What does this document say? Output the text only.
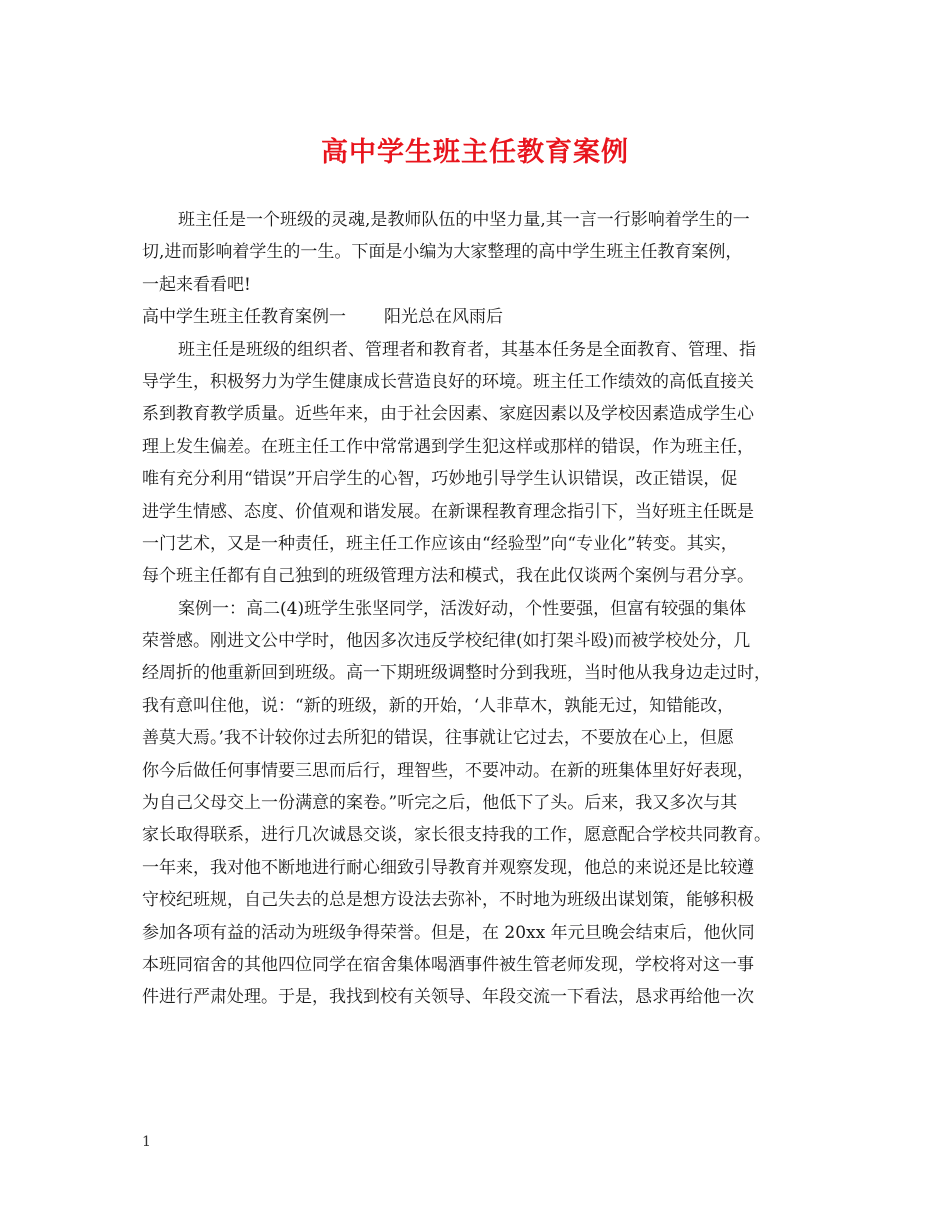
高中学生班主任教育案例
班主任是一个班级的灵魂,是教师队伍的中坚力量,其一言一行影响着学生的一
切,进而影响着学生的一生。下面是小编为大家整理的高中学生班主任教育案例，
一起来看看吧!
高中学生班主任教育案例一 阳光总在风雨后
班主任是班级的组织者、管理者和教育者，其基本任务是全面教育、管理、指
导学生，积极努力为学生健康成长营造良好的环境。班主任工作绩效的高低直接关
系到教育教学质量。近些年来，由于社会因素、家庭因素以及学校因素造成学生心
理上发生偏差。在班主任工作中常常遇到学生犯这样或那样的错误，作为班主任，
唯有充分利用“错误”开启学生的心智，巧妙地引导学生认识错误，改正错误，促
进学生情感、态度、价值观和谐发展。在新课程教育理念指引下，当好班主任既是
一门艺术，又是一种责任，班主任工作应该由“经验型”向“专业化”转变。其实，
每个班主任都有自己独到的班级管理方法和模式，我在此仅谈两个案例与君分享。
案例一：高二(4)班学生张坚同学，活泼好动，个性要强，但富有较强的集体
荣誉感。刚进文公中学时，他因多次违反学校纪律(如打架斗殴)而被学校处分，几
经周折的他重新回到班级。高一下期班级调整时分到我班，当时他从我身边走过时，
我有意叫住他，说：“新的班级，新的开始，‘人非草木，孰能无过，知错能改，
善莫大焉。’我不计较你过去所犯的错误，往事就让它过去，不要放在心上，但愿
你今后做任何事情要三思而后行，理智些，不要冲动。在新的班集体里好好表现，
为自己父母交上一份满意的案卷。”听完之后，他低下了头。后来，我又多次与其
家长取得联系，进行几次诚恳交谈，家长很支持我的工作，愿意配合学校共同教育。
一年来，我对他不断地进行耐心细致引导教育并观察发现，他总的来说还是比较遵
守校纪班规，自己失去的总是想方设法去弥补，不时地为班级出谋划策，能够积极
参加各项有益的活动为班级争得荣誉。但是，在 20xx 年元旦晚会结束后，他伙同
本班同宿舍的其他四位同学在宿舍集体喝酒事件被生管老师发现，学校将对这一事
件进行严肃处理。于是，我找到校有关领导、年段交流一下看法，恳求再给他一次
1
